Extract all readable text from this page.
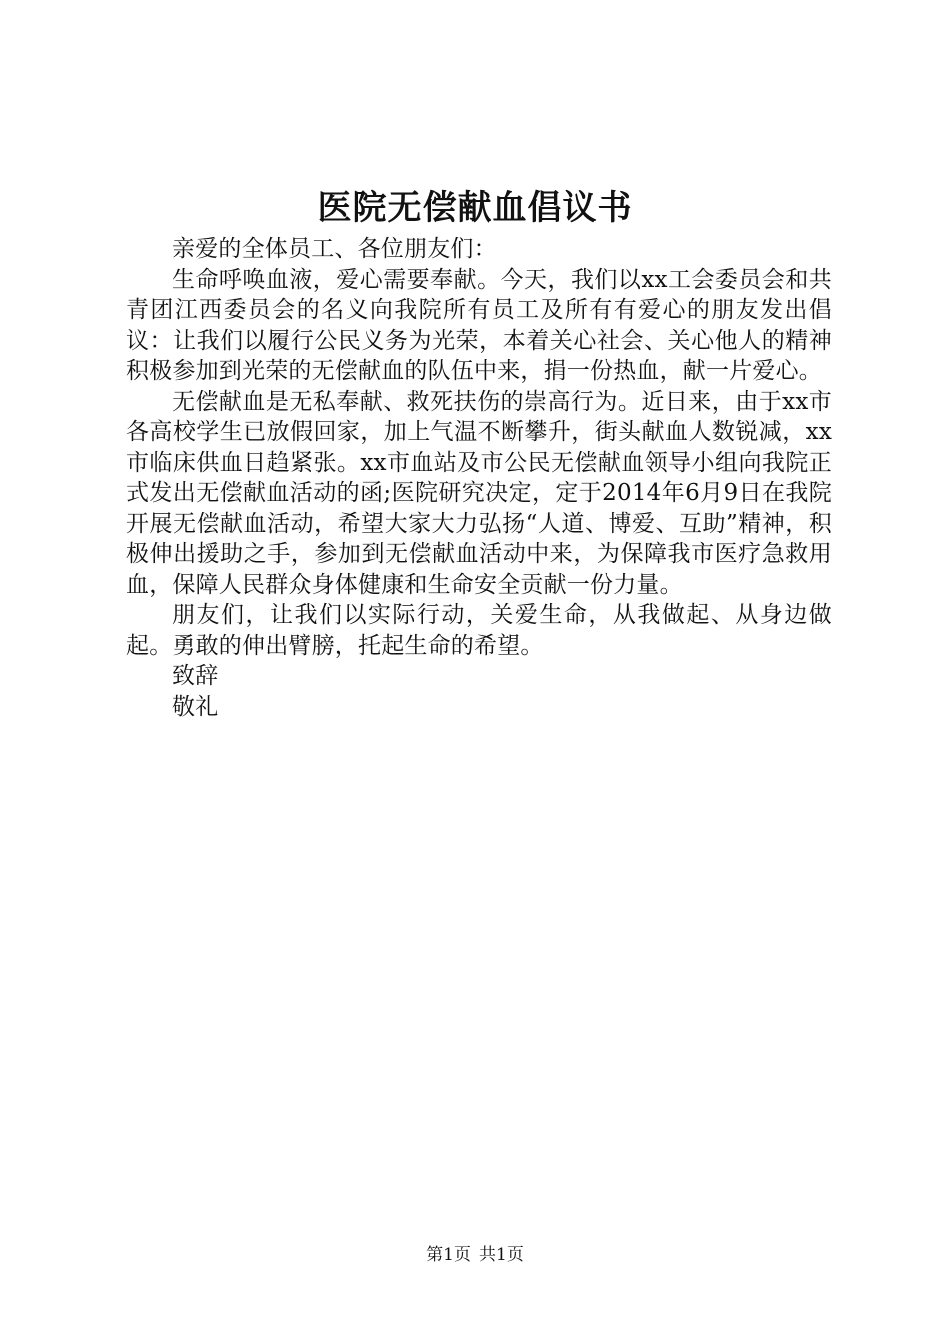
医院无偿献血倡议书
亲爱的全体员工、各位朋友们：

生命呼唤血液，爱心需要奉献。今天，我们以xx工会委员会和共青团江西委员会的名义向我院所有员工及所有有爱心的朋友发出倡议：让我们以履行公民义务为光荣，本着关心社会、关心他人的精神积极参加到光荣的无偿献血的队伍中来，捐一份热血，献一片爱心。

无偿献血是无私奉献、救死扶伤的崇高行为。近日来，由于xx市各高校学生已放假回家，加上气温不断攀升，街头献血人数锐减，xx市临床供血日趋紧张。xx市血站及市公民无偿献血领导小组向我院正式发出无偿献血活动的函;医院研究决定，定于2014年6月9日在我院开展无偿献血活动，希望大家大力弘扬“人道、博爱、互助”精神，积极伸出援助之手，参加到无偿献血活动中来，为保障我市医疗急救用血，保障人民群众身体健康和生命安全贡献一份力量。

朋友们，让我们以实际行动，关爱生命，从我做起、从身边做起。勇敢的伸出臂膀，托起生命的希望。

致辞
敬礼
第1页 共1页
